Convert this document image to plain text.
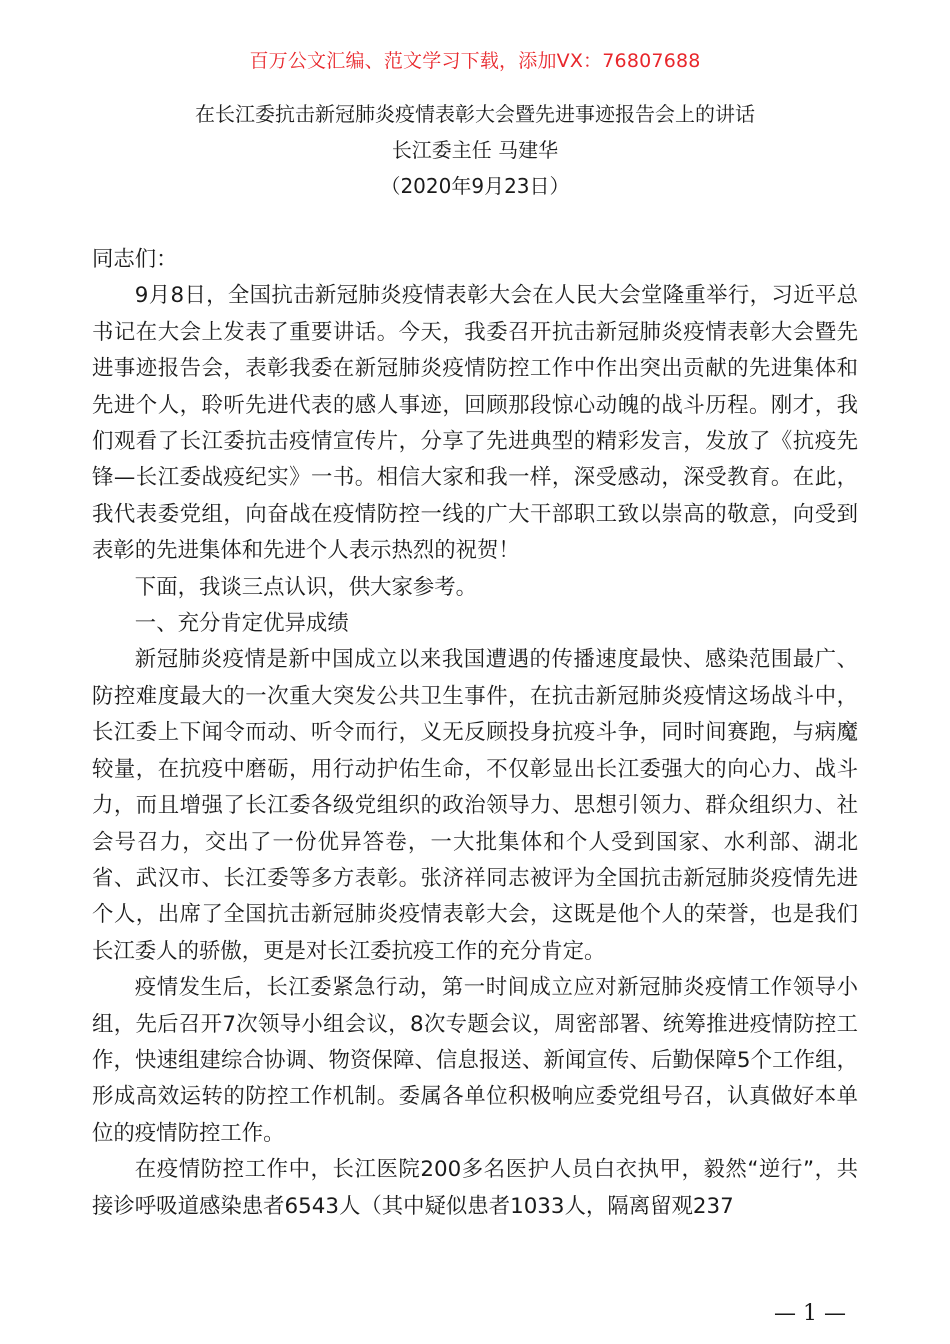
百万公文汇编、范文学习下载，添加VX：76807688
在长江委抗击新冠肺炎疫情表彰大会暨先进事迹报告会上的讲话
长江委主任 马建华
（2020年9月23日）

同志们：

9月8日，全国抗击新冠肺炎疫情表彰大会在人民大会堂隆重举行，习近平总书记在大会上发表了重要讲话。今天，我委召开抗击新冠肺炎疫情表彰大会暨先进事迹报告会，表彰我委在新冠肺炎疫情防控工作中作出突出贡献的先进集体和先进个人，聆听先进代表的感人事迹，回顾那段惊心动魄的战斗历程。刚才，我们观看了长江委抗击疫情宣传片，分享了先进典型的精彩发言，发放了《抗疫先锋—长江委战疫纪实》一书。相信大家和我一样，深受感动，深受教育。在此，我代表委党组，向奋战在疫情防控一线的广大干部职工致以崇高的敬意，向受到表彰的先进集体和先进个人表示热烈的祝贺！

下面，我谈三点认识，供大家参考。

一、充分肯定优异成绩

新冠肺炎疫情是新中国成立以来我国遭遇的传播速度最快、感染范围最广、防控难度最大的一次重大突发公共卫生事件，在抗击新冠肺炎疫情这场战斗中，长江委上下闻令而动、听令而行，义无反顾投身抗疫斗争，同时间赛跑，与病魔较量，在抗疫中磨砺，用行动护佑生命，不仅彰显出长江委强大的向心力、战斗力，而且增强了长江委各级党组织的政治领导力、思想引领力、群众组织力、社会号召力，交出了一份优异答卷，一大批集体和个人受到国家、水利部、湖北省、武汉市、长江委等多方表彰。张济祥同志被评为全国抗击新冠肺炎疫情先进个人，出席了全国抗击新冠肺炎疫情表彰大会，这既是他个人的荣誉，也是我们长江委人的骄傲，更是对长江委抗疫工作的充分肯定。

疫情发生后，长江委紧急行动，第一时间成立应对新冠肺炎疫情工作领导小组，先后召开7次领导小组会议，8次专题会议，周密部署、统筹推进疫情防控工作，快速组建综合协调、物资保障、信息报送、新闻宣传、后勤保障5个工作组，形成高效运转的防控工作机制。委属各单位积极响应委党组号召，认真做好本单位的疫情防控工作。

在疫情防控工作中，长江医院200多名医护人员白衣执甲，毅然“逆行”，共接诊呼吸道感染患者6543人（其中疑似患者1033人，隔离留观237

— 1 —
